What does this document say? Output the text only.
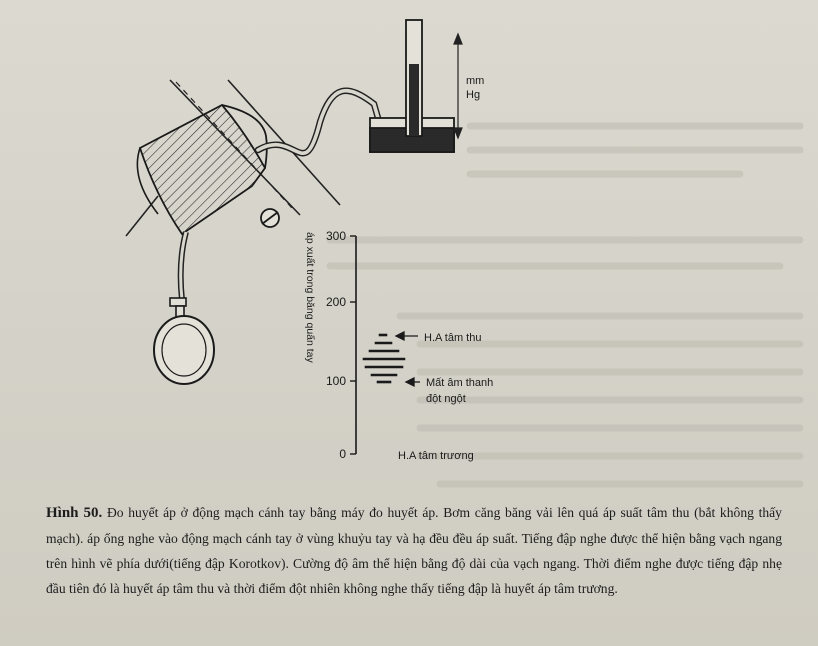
mm
Hg
300
200
100
0
áp xuất trong băng quấn tay	H.A tâm thu
Mất âm thanh
đột ngột
H.A tâm trương
Hình 50. Đo huyết áp ở động mạch cánh tay bằng máy đo huyết áp. Bơm căng băng vải lên quá áp suất tâm thu (bắt không thấy mạch). áp ống nghe vào động mạch cánh tay ở vùng khuỷu tay và hạ đều đều áp suất. Tiếng đập nghe được thể hiện bằng vạch ngang trên hình vẽ phía dưới(tiếng đập Korotkov). Cường độ âm thể hiện bằng độ dài của vạch ngang. Thời điểm nghe được tiếng đập nhẹ đầu tiên đó là huyết áp tâm thu và thời điểm đột nhiên không nghe thấy tiếng đập là huyết áp tâm trương.
